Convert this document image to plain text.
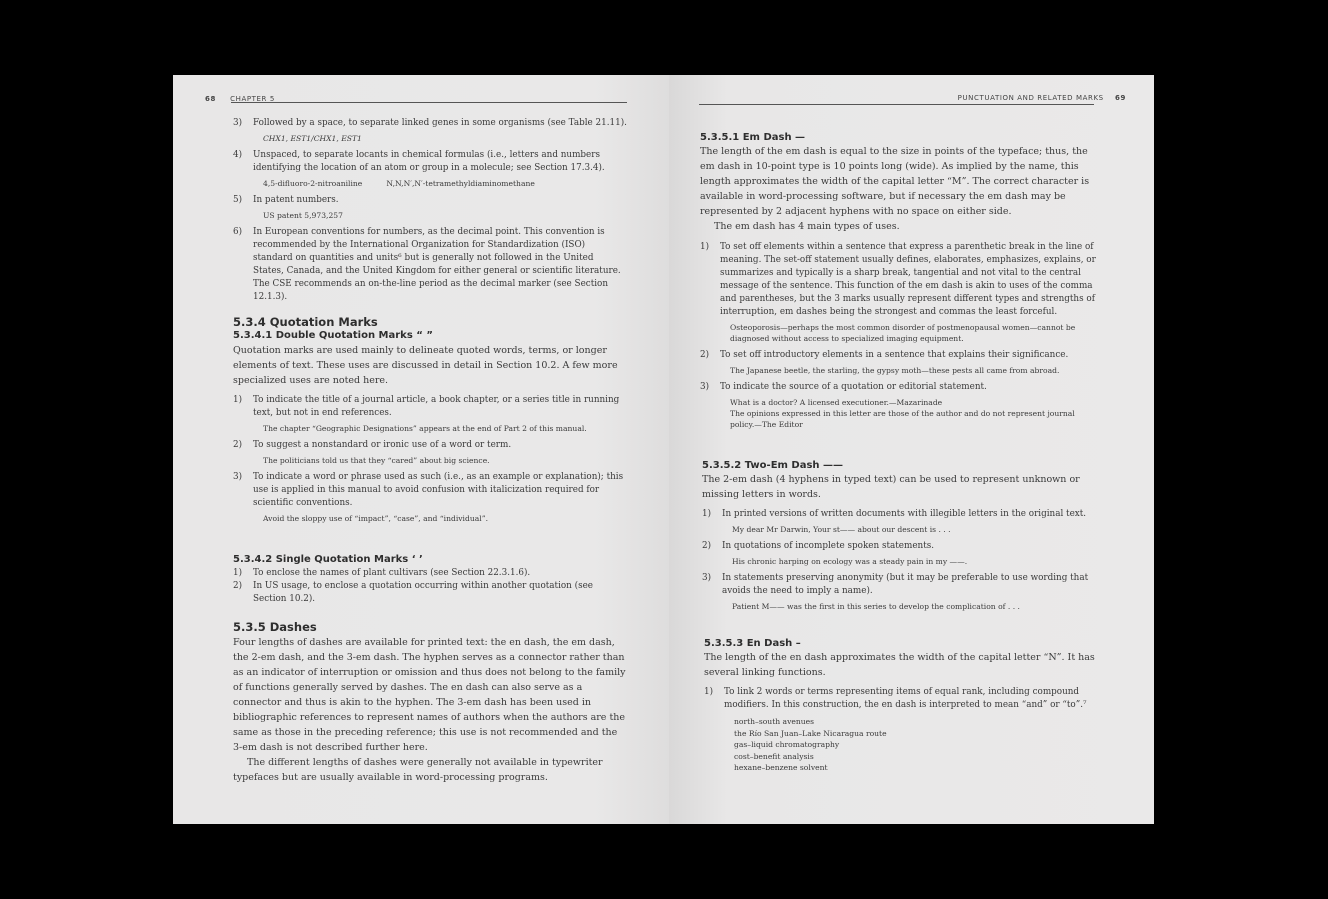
68 CHAPTER 5
3) Followed by a space, to separate linked genes in some organisms (see Table 21.11).
CHX1, EST1/CHX1, EST1
4) Unspaced, to separate locants in chemical formulas (i.e., letters and numbers identifying the location of an atom or group in a molecule; see Section 17.3.4).
4,5-difluoro-2-nitroaniline          N,N,N′,N′-tetramethyldiaminomethane
5) In patent numbers.
US patent 5,973,257
6) In European conventions for numbers, as the decimal point. This convention is recommended by the International Organization for Standardization (ISO) standard on quantities and units⁶ but is generally not followed in the United States, Canada, and the United Kingdom for either general or scientific literature. The CSE recommends an on-the-line period as the decimal marker (see Section 12.1.3).
5.3.4 Quotation Marks
5.3.4.1 Double Quotation Marks “ ”

Quotation marks are used mainly to delineate quoted words, terms, or longer elements of text. These uses are discussed in detail in Section 10.2. A few more specialized uses are noted here.

1) To indicate the title of a journal article, a book chapter, or a series title in running text, but not in end references.
The chapter “Geographic Designations” appears at the end of Part 2 of this manual.
2) To suggest a nonstandard or ironic use of a word or term.
The politicians told us that they “cared” about big science.
3) To indicate a word or phrase used as such (i.e., as an example or explanation); this use is applied in this manual to avoid confusion with italicization required for scientific conventions.
Avoid the sloppy use of “impact”, “case”, and “individual”.
5.3.4.2 Single Quotation Marks ‘ ’
1) To enclose the names of plant cultivars (see Section 22.3.1.6).
2) In US usage, to enclose a quotation occurring within another quotation (see Section 10.2).
5.3.5 Dashes

Four lengths of dashes are available for printed text: the en dash, the em dash, the 2-em dash, and the 3-em dash. The hyphen serves as a connector rather than as an indicator of interruption or omission and thus does not belong to the family of functions generally served by dashes. The en dash can also serve as a connector and thus is akin to the hyphen. The 3-em dash has been used in bibliographic references to represent names of authors when the authors are the same as those in the preceding reference; this use is not recommended and the 3-em dash is not described further here.

The different lengths of dashes were generally not available in typewriter typefaces but are usually available in word-processing programs.

PUNCTUATION AND RELATED MARKS 69
5.3.5.1 Em Dash —

The length of the em dash is equal to the size in points of the typeface; thus, the em dash in 10-point type is 10 points long (wide). As implied by the name, this length approximates the width of the capital letter “M”. The correct character is available in word-processing software, but if necessary the em dash may be represented by 2 adjacent hyphens with no space on either side.

The em dash has 4 main types of uses.

1) To set off elements within a sentence that express a parenthetic break in the line of meaning. The set-off statement usually defines, elaborates, emphasizes, explains, or summarizes and typically is a sharp break, tangential and not vital to the central message of the sentence. This function of the em dash is akin to uses of the comma and parentheses, but the 3 marks usually represent different types and strengths of interruption, em dashes being the strongest and commas the least forceful.
Osteoporosis—perhaps the most common disorder of postmenopausal women—cannot be diagnosed without access to specialized imaging equipment.
2) To set off introductory elements in a sentence that explains their significance.
The Japanese beetle, the starling, the gypsy moth—these pests all came from abroad.
3) To indicate the source of a quotation or editorial statement.
What is a doctor? A licensed executioner.—Mazarinade
The opinions expressed in this letter are those of the author and do not represent journal policy.—The Editor
5.3.5.2 Two-Em Dash ——

The 2-em dash (4 hyphens in typed text) can be used to represent unknown or missing letters in words.

1) In printed versions of written documents with illegible letters in the original text.
My dear Mr Darwin, Your st—— about our descent is . . .
2) In quotations of incomplete spoken statements.
His chronic harping on ecology was a steady pain in my ——.
3) In statements preserving anonymity (but it may be preferable to use wording that avoids the need to imply a name).
Patient M—— was the first in this series to develop the complication of . . .
5.3.5.3 En Dash –

The length of the en dash approximates the width of the capital letter “N”. It has several linking functions.

1) To link 2 words or terms representing items of equal rank, including compound modifiers. In this construction, the en dash is interpreted to mean “and” or “to”.⁷
north–south avenues
the Río San Juan–Lake Nicaragua route
gas–liquid chromatography
cost–benefit analysis
hexane–benzene solvent
